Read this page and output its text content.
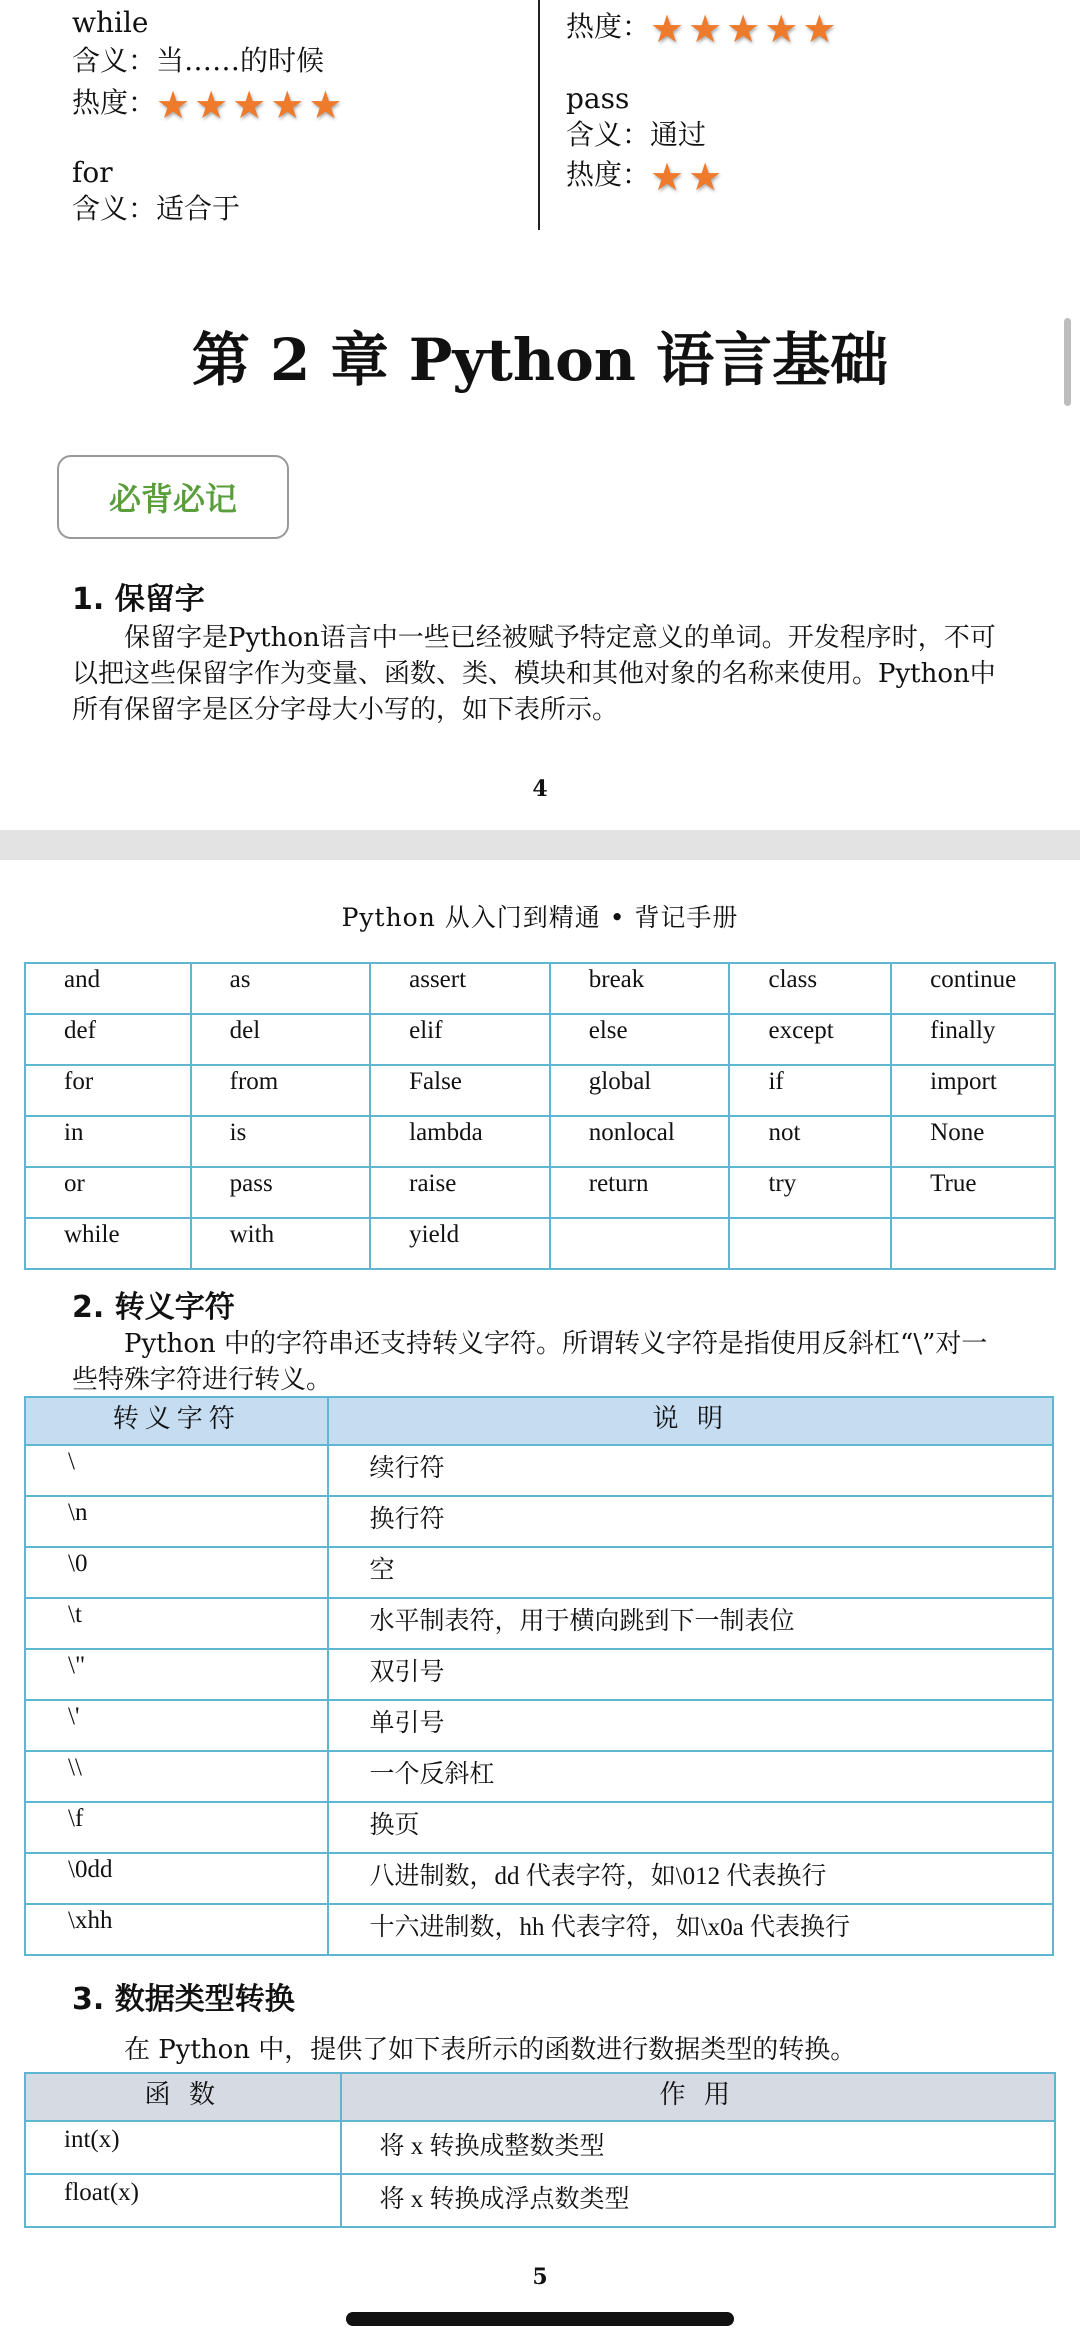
while
含义：当……的时候
热度： ★ ★ ★ ★ ★
for
含义：适合于
热度： ★ ★ ★ ★ ★
pass
含义：通过
热度： ★ ★
第 2 章 Python 语言基础
必背必记
1. 保留字
保留字是Python语言中一些已经被赋予特定意义的单词。开发程序时，不可以把这些保留字作为变量、函数、类、模块和其他对象的名称来使用。Python中所有保留字是区分字母大小写的，如下表所示。
4
Python 从入门到精通 • 背记手册
and	as	assert	break	class	continue
def	del	elif	else	except	finally
for	from	False	global	if	import
in	is	lambda	nonlocal	not	None
or	pass	raise	return	try	True
while	with	yield			
2. 转义字符
Python 中的字符串还支持转义字符。所谓转义字符是指使用反斜杠“\”对一些特殊字符进行转义。
转义字符	说 明
\	续行符
\n	换行符
\0	空
\t	水平制表符，用于横向跳到下一制表位
\"	双引号
\'	单引号
\\	一个反斜杠
\f	换页
\0dd	八进制数，dd 代表字符，如\012 代表换行
\xhh	十六进制数，hh 代表字符，如\x0a 代表换行
3. 数据类型转换
在 Python 中，提供了如下表所示的函数进行数据类型的转换。
函 数	作 用
int(x)	将 x 转换成整数类型
float(x)	将 x 转换成浮点数类型
5
